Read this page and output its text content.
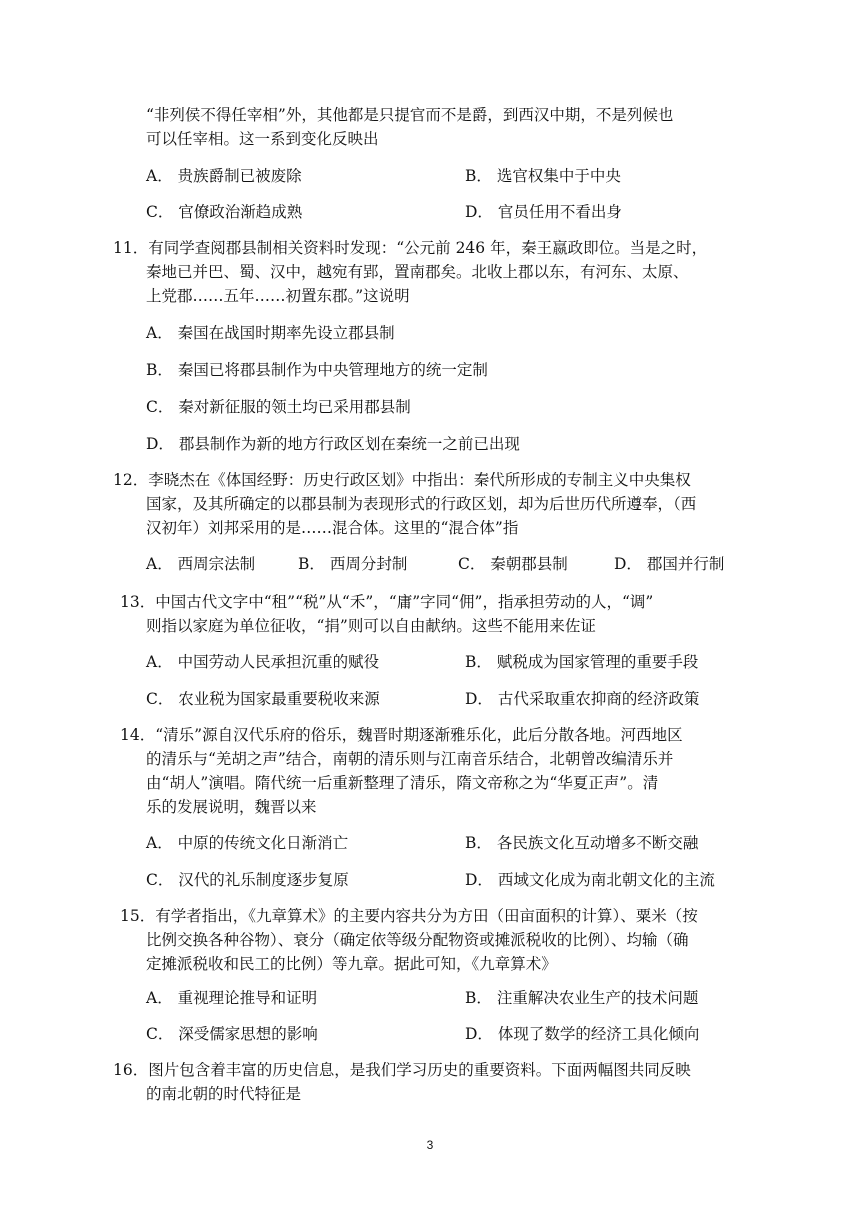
“非列侯不得任宰相”外，其他都是只提官而不是爵，到西汉中期，不是列候也
可以任宰相。这一系到变化反映出
A． 贵族爵制已被废除	B． 选官权集中于中央
C． 官僚政治渐趋成熟	D． 官员任用不看出身
11．有同学查阅郡县制相关资料时发现：“公元前 246 年，秦王嬴政即位。当是之时，
秦地已并巴、蜀、汉中，越宛有郢，置南郡矣。北收上郡以东，有河东、太原、
上党郡……五年……初置东郡。”这说明
A． 秦国在战国时期率先设立郡县制
B． 秦国已将郡县制作为中央管理地方的统一定制
C． 秦对新征服的领土均已采用郡县制
D． 郡县制作为新的地方行政区划在秦统一之前已出现
12．李晓杰在《体国经野：历史行政区划》中指出：秦代所形成的专制主义中央集权
国家，及其所确定的以郡县制为表现形式的行政区划，却为后世历代所遵奉，（西
汉初年）刘邦采用的是……混合体。这里的“混合体”指
A． 西周宗法制	B． 西周分封制	C． 秦朝郡县制	D． 郡国并行制
13．中国古代文字中“租”“税”从“禾”，“庸”字同“佣”，指承担劳动的人，“调”
则指以家庭为单位征收，“捐”则可以自由献纳。这些不能用来佐证
A． 中国劳动人民承担沉重的赋役	B． 赋税成为国家管理的重要手段
C． 农业税为国家最重要税收来源	D． 古代采取重农抑商的经济政策
14．“清乐”源自汉代乐府的俗乐，魏晋时期逐渐雅乐化，此后分散各地。河西地区
的清乐与“羌胡之声”结合，南朝的清乐则与江南音乐结合，北朝曾改编清乐并
由“胡人”演唱。隋代统一后重新整理了清乐，隋文帝称之为“华夏正声”。清
乐的发展说明，魏晋以来
A． 中原的传统文化日渐消亡	B． 各民族文化互动增多不断交融
C． 汉代的礼乐制度逐步复原	D． 西域文化成为南北朝文化的主流
15．有学者指出，《九章算术》的主要内容共分为方田（田亩面积的计算）、粟米（按
比例交换各种谷物）、衰分（确定依等级分配物资或摊派税收的比例）、均输（确
定摊派税收和民工的比例）等九章。据此可知，《九章算术》
A． 重视理论推导和证明	B． 注重解决农业生产的技术问题
C． 深受儒家思想的影响	D． 体现了数学的经济工具化倾向
16．图片包含着丰富的历史信息，是我们学习历史的重要资料。下面两幅图共同反映
的南北朝的时代特征是
3
